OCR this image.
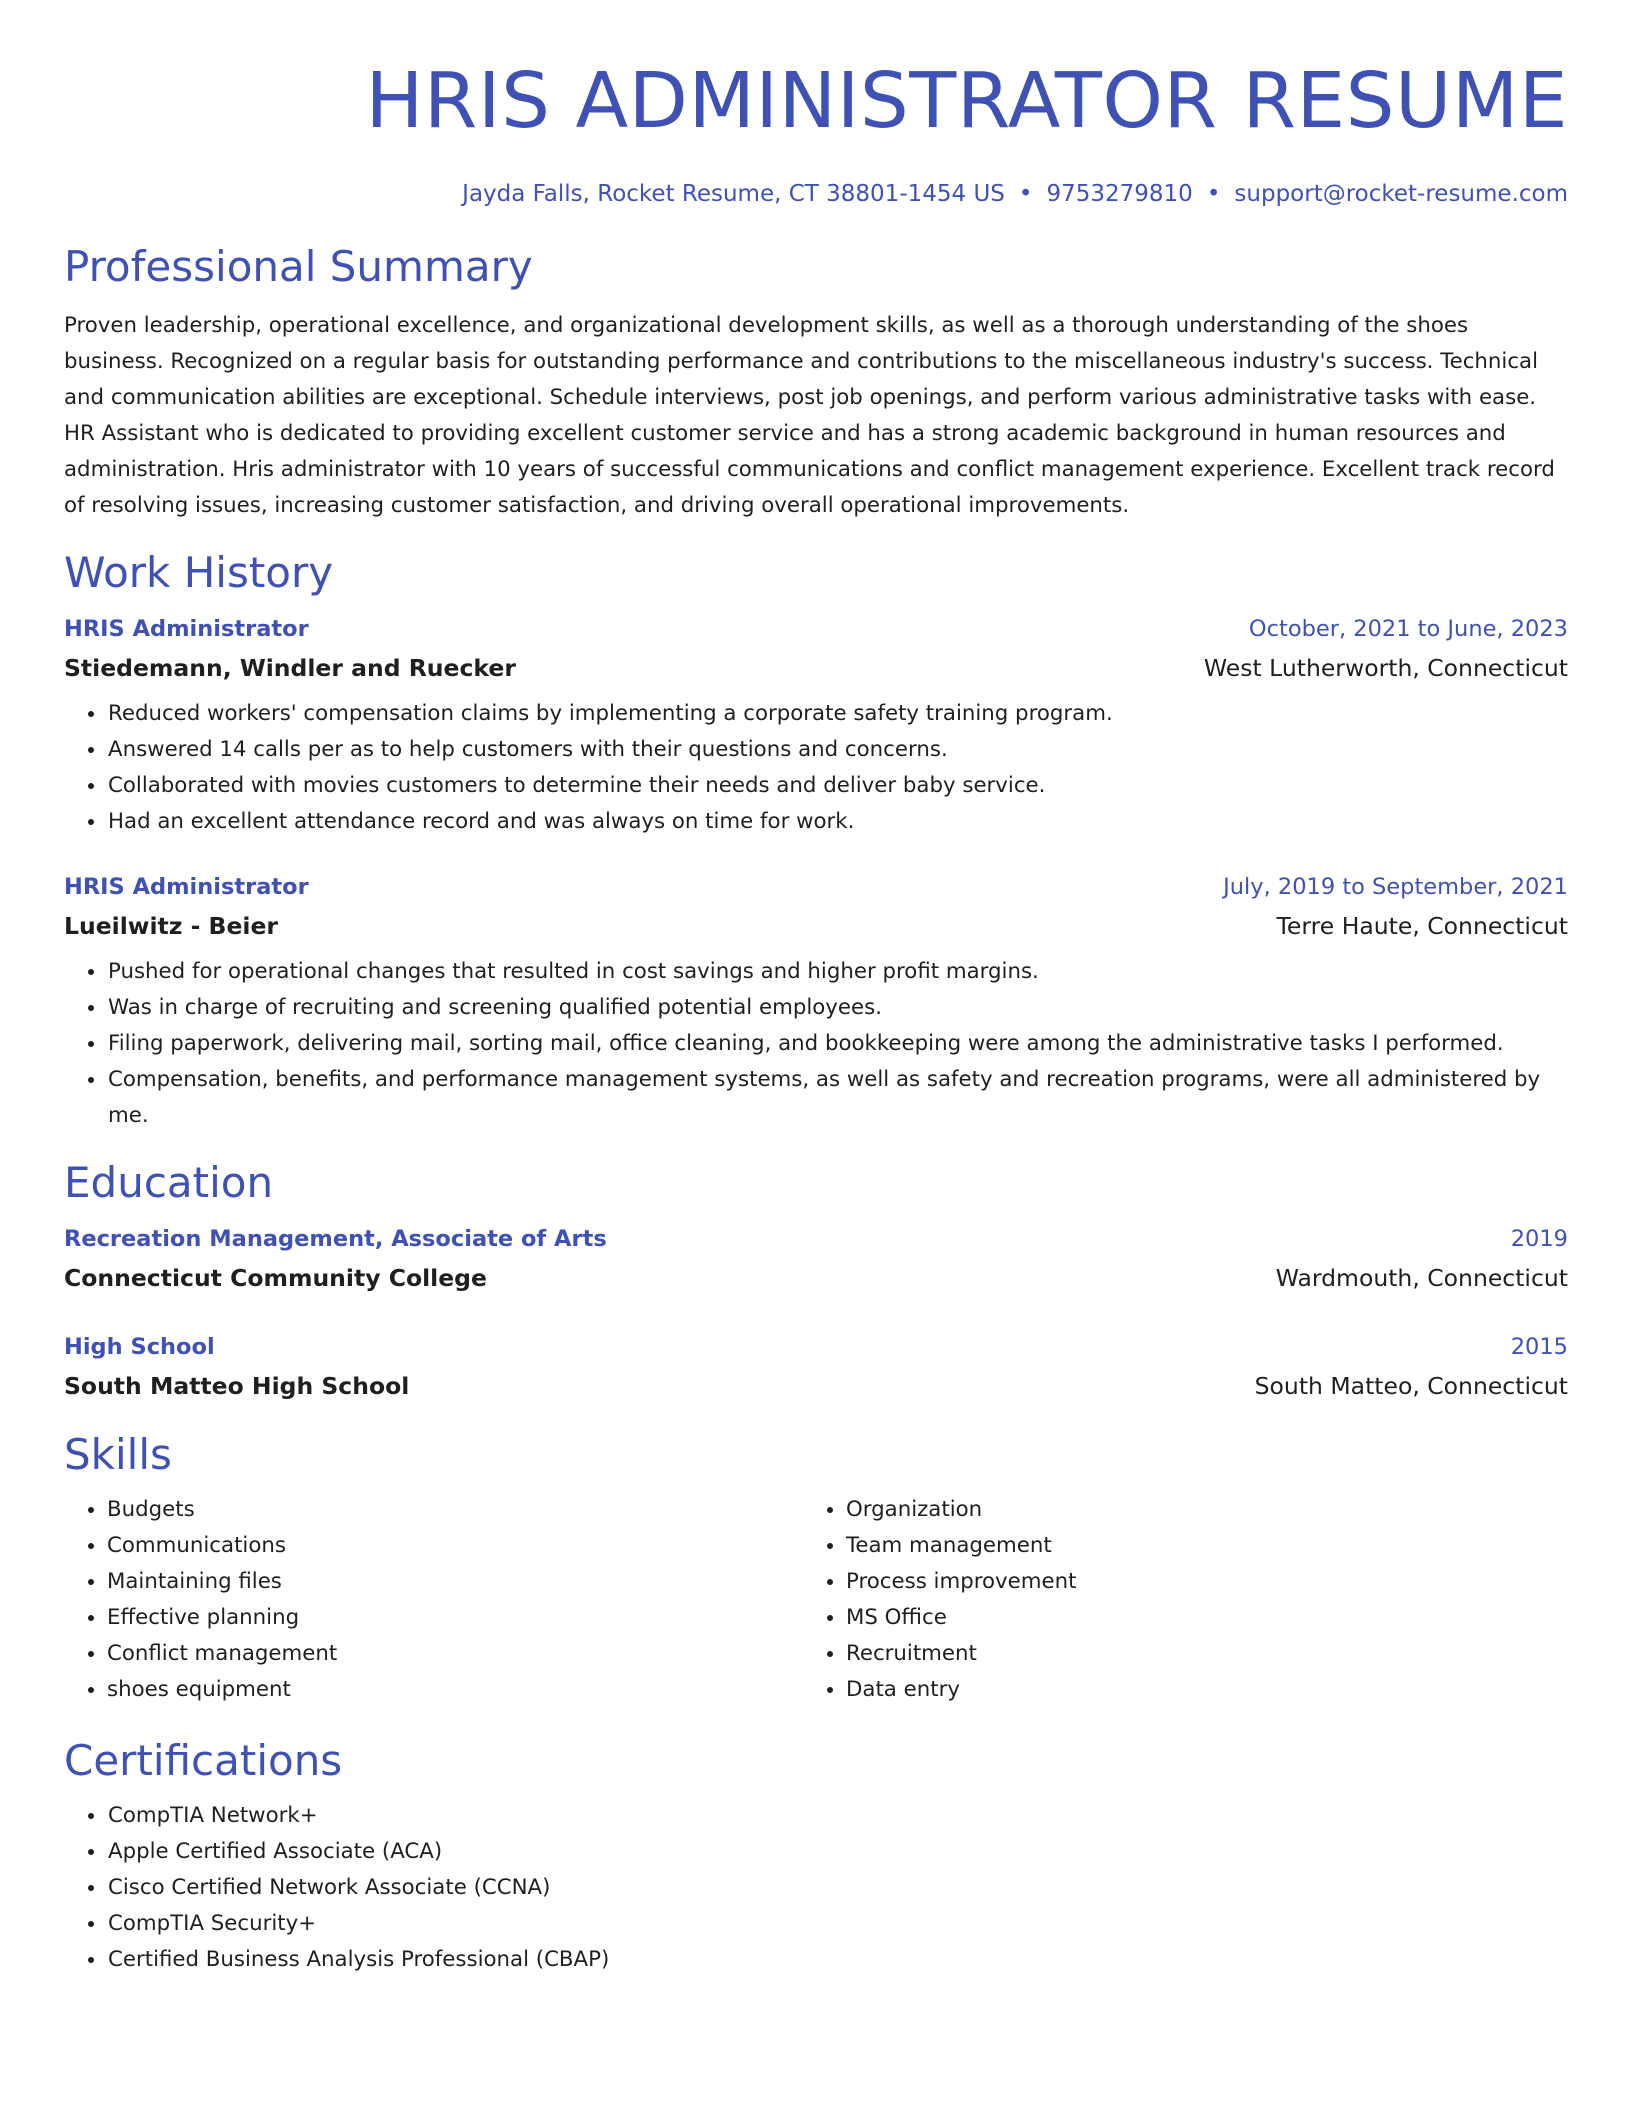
HRIS ADMINISTRATOR RESUME
Jayda Falls, Rocket Resume, CT 38801-1454 US • 9753279810 • support@rocket-resume.com
Professional Summary
Proven leadership, operational excellence, and organizational development skills, as well as a thorough understanding of the shoes business. Recognized on a regular basis for outstanding performance and contributions to the miscellaneous industry's success. Technical and communication abilities are exceptional. Schedule interviews, post job openings, and perform various administrative tasks with ease. HR Assistant who is dedicated to providing excellent customer service and has a strong academic background in human resources and administration. Hris administrator with 10 years of successful communications and conflict management experience. Excellent track record of resolving issues, increasing customer satisfaction, and driving overall operational improvements.
Work History
HRIS Administrator	October, 2021 to June, 2023
Stiedemann, Windler and Ruecker	West Lutherworth, Connecticut
• Reduced workers' compensation claims by implementing a corporate safety training program.
• Answered 14 calls per as to help customers with their questions and concerns.
• Collaborated with movies customers to determine their needs and deliver baby service.
• Had an excellent attendance record and was always on time for work.
HRIS Administrator	July, 2019 to September, 2021
Lueilwitz - Beier	Terre Haute, Connecticut
• Pushed for operational changes that resulted in cost savings and higher profit margins.
• Was in charge of recruiting and screening qualified potential employees.
• Filing paperwork, delivering mail, sorting mail, office cleaning, and bookkeeping were among the administrative tasks I performed.
• Compensation, benefits, and performance management systems, as well as safety and recreation programs, were all administered by me.
Education
Recreation Management, Associate of Arts	2019
Connecticut Community College	Wardmouth, Connecticut
High School	2015
South Matteo High School	South Matteo, Connecticut
Skills
• Budgets
• Communications
• Maintaining files
• Effective planning
• Conflict management
• shoes equipment
• Organization
• Team management
• Process improvement
• MS Office
• Recruitment
• Data entry
Certifications
• CompTIA Network+
• Apple Certified Associate (ACA)
• Cisco Certified Network Associate (CCNA)
• CompTIA Security+
• Certified Business Analysis Professional (CBAP)
